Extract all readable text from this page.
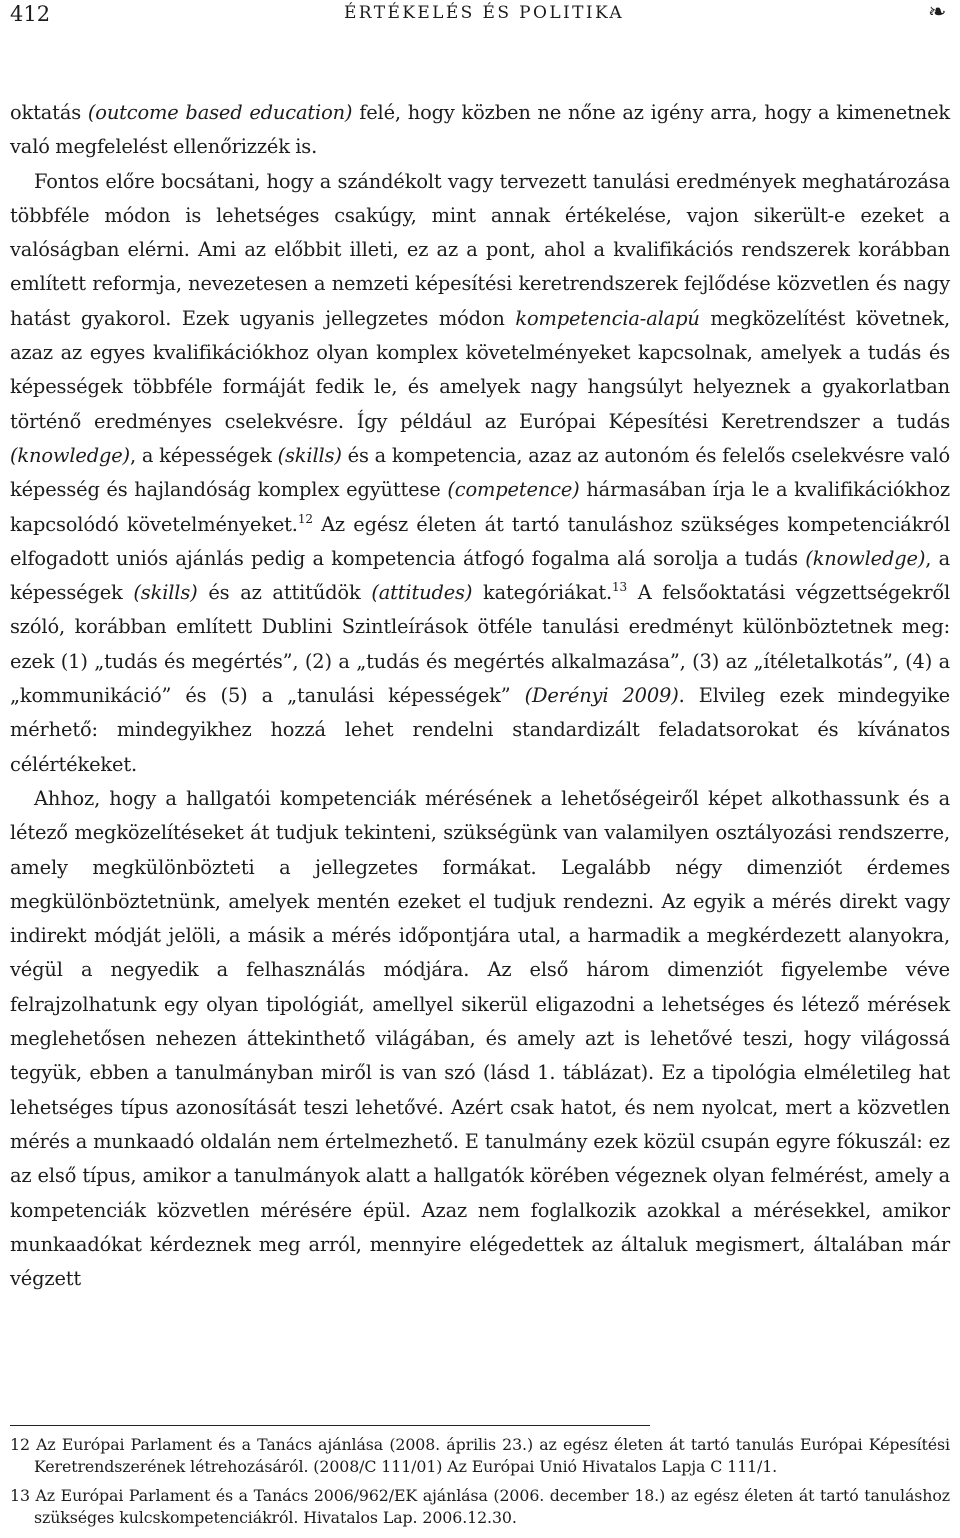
412	ÉRTÉKELÉS ÉS POLITIKA	❧

oktatás (outcome based education) felé, hogy közben ne nőne az igény arra, hogy a kimenetnek való megfelelést ellenőrizzék is.

Fontos előre bocsátani, hogy a szándékolt vagy tervezett tanulási eredmények meghatározása többféle módon is lehetséges csakúgy, mint annak értékelése, vajon sikerült-e ezeket a valóságban elérni. Ami az előbbit illeti, ez az a pont, ahol a kvalifikációs rendszerek korábban említett reformja, nevezetesen a nemzeti képesítési keretrendszerek fejlődése közvetlen és nagy hatást gyakorol. Ezek ugyanis jellegzetes módon kompetencia-alapú megközelítést követnek, azaz az egyes kvalifikációkhoz olyan komplex követelményeket kapcsolnak, amelyek a tudás és képességek többféle formáját fedik le, és amelyek nagy hangsúlyt helyeznek a gyakorlatban történő eredményes cselekvésre. Így például az Európai Képesítési Keretrendszer a tudás (knowledge), a képességek (skills) és a kompetencia, azaz az autonóm és felelős cselekvésre való képesség és hajlandóság komplex együttese (competence) hármasában írja le a kvalifikációkhoz kapcsolódó követelményeket.$^{12}$ Az egész életen át tartó tanuláshoz szükséges kompetenciákról elfogadott uniós ajánlás pedig a kompetencia átfogó fogalma alá sorolja a tudás (knowledge), a képességek (skills) és az attitűdök (attitudes) kategóriákat.$^{13}$ A felsőoktatási végzettségekről szóló, korábban említett Dublini Szintleírások ötféle tanulási eredményt különböztetnek meg: ezek (1) „tudás és megértés”, (2) a „tudás és megértés alkalmazása”, (3) az „ítéletalkotás”, (4) a „kommunikáció” és (5) a „tanulási képességek” (Derényi 2009). Elvileg ezek mindegyike mérhető: mindegyikhez hozzá lehet rendelni standardizált feladatsorokat és kívánatos célértékeket.

Ahhoz, hogy a hallgatói kompetenciák mérésének a lehetőségeiről képet alkothassunk és a létező megközelítéseket át tudjuk tekinteni, szükségünk van valamilyen osztályozási rendszerre, amely megkülönbözteti a jellegzetes formákat. Legalább négy dimenziót érdemes megkülönböztetnünk, amelyek mentén ezeket el tudjuk rendezni. Az egyik a mérés direkt vagy indirekt módját jelöli, a másik a mérés időpontjára utal, a harmadik a megkérdezett alanyokra, végül a negyedik a felhasználás módjára. Az első három dimenziót figyelembe véve felrajzolhatunk egy olyan tipológiát, amellyel sikerül eligazodni a lehetséges és létező mérések meglehetősen nehezen áttekinthető világában, és amely azt is lehetővé teszi, hogy világossá tegyük, ebben a tanulmányban miről is van szó (lásd 1. táblázat). Ez a tipológia elméletileg hat lehetséges típus azonosítását teszi lehetővé. Azért csak hatot, és nem nyolcat, mert a közvetlen mérés a munkaadó oldalán nem értelmezhető. E tanulmány ezek közül csupán egyre fókuszál: ez az első típus, amikor a tanulmányok alatt a hallgatók körében végeznek olyan felmérést, amely a kompetenciák közvetlen mérésére épül. Azaz nem foglalkozik azokkal a mérésekkel, amikor munkaadókat kérdeznek meg arról, mennyire elégedettek az általuk megismert, általában már végzett

12 Az Európai Parlament és a Tanács ajánlása (2008. április 23.) az egész életen át tartó tanulás Európai Képesítési Keretrendszerének létrehozásáról. (2008/C 111/01) Az Európai Unió Hivatalos Lapja C 111/1.

13 Az Európai Parlament és a Tanács 2006/962/EK ajánlása (2006. december 18.) az egész életen át tartó tanuláshoz szükséges kulcskompetenciákról. Hivatalos Lap. 2006.12.30.
